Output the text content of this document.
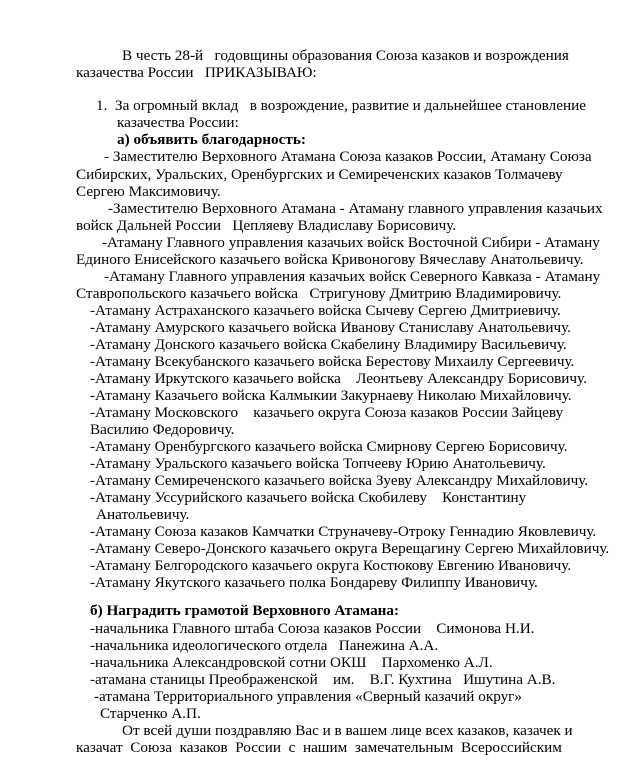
В честь 28-й   годовщины образования Союза казаков и возрождения
казачества России   ПРИКАЗЫВАЮ:
1.  За огромный вклад   в возрождение, развитие и дальнейшее становление
казачества России:
а) объявить благодарность:
- Заместителю Верховного Атамана Союза казаков России, Атаману Союза
Сибирских, Уральских, Оренбургских и Семиреченских казаков Толмачеву
Сергею Максимовичу.
-Заместителю Верховного Атамана - Атаману главного управления казачьих
войск Дальней России   Цепляеву Владиславу Борисовичу.
-Атаману Главного управления казачьих войск Восточной Сибири - Атаману
Единого Енисейского казачьего войска Кривоногову Вячеславу Анатольевичу.
-Атаману Главного управления казачьих войск Северного Кавказа - Атаману
Ставропольского казачьего войска   Стригунову Дмитрию Владимировичу.
-Атаману Астраханского казачьего войска Сычеву Сергею Дмитриевичу.
-Атаману Амурского казачьего войска Иванову Станиславу Анатольевичу.
-Атаману Донского казачьего войска Скабелину Владимиру Васильевичу.
-Атаману Всекубанского казачьего войска Берестову Михаилу Сергеевичу.
-Атаману Иркутского казачьего войска    Леонтьеву Александру Борисовичу.
-Атаману Казачьего войска Калмыкии Закурнаеву Николаю Михайловичу.
-Атаману Московского    казачьего округа Союза казаков России Зайцеву
Василию Федоровичу.
-Атаману Оренбургского казачьего войска Смирнову Сергею Борисовичу.
-Атаману Уральского казачьего войска Топчееву Юрию Анатольевичу.
-Атаману Семиреченского казачьего войска Зуеву Александру Михайловичу.
-Атаману Уссурийского казачьего войска Скобилеву    Константину
Анатольевичу.
-Атаману Союза казаков Камчатки Струначеву-Отроку Геннадию Яковлевичу.
-Атаману Северо-Донского казачьего округа Верещагину Сергею Михайловичу.
-Атаману Белгородского казачьего округа Костюкову Евгению Ивановичу.
-Атаману Якутского казачьего полка Бондареву Филиппу Ивановичу.
б) Наградить грамотой Верховного Атамана:
-начальника Главного штаба Союза казаков России    Симонова Н.И.
-начальника идеологического отдела   Панежина А.А.
-начальника Александровской сотни ОКШ    Пархоменко А.Л.
-атамана станицы Преображенской    им.    В.Г. Кухтина   Ишутина А.В.
-атамана Территориального управления «Сверный казачий округ»
Старченко А.П.
От всей души поздравляю Вас и в вашем лице всех казаков, казачек и
казачат  Союза  казаков  России  с  нашим  замечательным  Всероссийским
